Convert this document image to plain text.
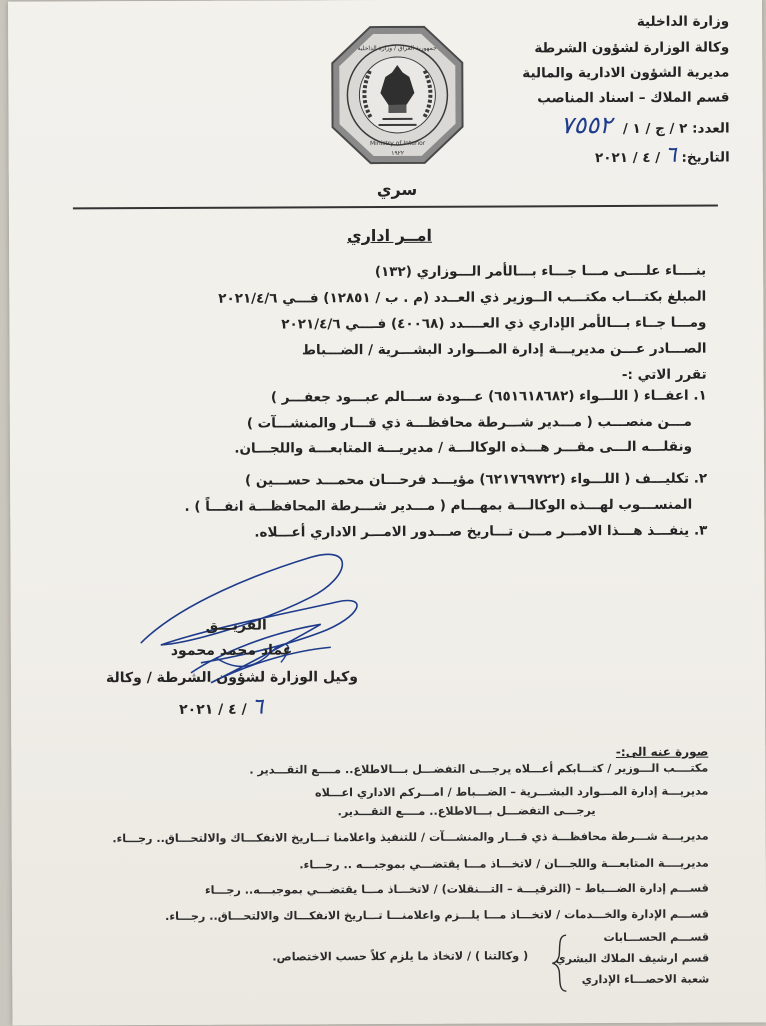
وزارة الداخلية
وكالة الوزارة لشؤون الشرطة
مديرية الشؤون الادارية والمالية
قسم الملاك – اسناد المناصب
العدد: ٢ / ج / ١ / ٧٥٥٢
التاريخ: ٦ / ٤ / ٢٠٢١
جمهورية العراق / وزارة الداخلية
Ministry of Interior
١٩٢٢
سري
امــر اداري
بنــــاء علــــى مـــا جـــاء بـــالأمر الـــوزاري (١٣٢)
المبلغ بكتـــاب مكتـــب الــوزير ذي العــدد (م . ب / ١٢٨٥١) فـــي ٢٠٢١/٤/٦
ومـــا جــاء بـــالأمر الإداري ذي العــــدد (٤٠٠٦٨) فــــي ٢٠٢١/٤/٦
الصـــادر عـــن مديريـــة إدارة المـــوارد البشـــرية / الضـــباط
تقرر الاتي :-
١. اعفــاء ( اللـــواء (٦٥١٦١٨٦٨٢) عـــودة ســـالم عبـــود جعفـــر )
مـــن منصـــب ( مـــدير شـــرطة محافظـــة ذي قـــار والمنشـــآت )
ونقلـــه الـــى مقـــر هـــذه الوكالـــة / مديريـــة المتابعـــة واللجـــان.
٢. تكليـــف ( اللـــواء (٦٢١٧٦٩٧٢٢) مؤيـــد فرحـــان محمـــد حســـين )
المنســـوب لهـــذه الوكالـــة بمهـــام ( مـــدير شـــرطة المحافظـــة انفـــاً ) .
٣. ينفـــذ هـــذا الامـــر مـــن تـــاريخ صـــدور الامـــر الاداري أعـــلاه.
الفريـــق
عماد محمد محمود
وكيل الوزارة لشؤون الشرطة / وكالة
٦ / ٤ / ٢٠٢١
صورة عنه الى:-
مكتــــب الـــوزير / كتـــابكم أعـــلاه يرجـــى التفضـــل بـــالاطلاع.. مــــع التقـــدير .
مديريـــة إدارة المـــوارد البشـــرية – الضـــباط / امـــركم الاداري اعـــلاه
يرجـــى التفضـــل بـــالاطلاع.. مــــع التقـــدير.
مديريـــة شـــرطة محافظـــة ذي قـــار والمنشـــآت / للتنفيذ واعلامنا تـــاريخ الانفكـــاك والالتحـــاق.. رجـــاء.
مديريــــة المتابعـــة واللجـــان / لاتخـــاذ مـــا يقتضـــي بموجبـــه .. رجـــاء.
قســـم إدارة الضـــباط – (الترقيـــة – التـــنقلات) / لاتخـــاذ مـــا يقتضـــي بموجبـــه.. رجـــاء
قســـم الإدارة والخـــدمات / لاتخـــاذ مـــا يلـــزم واعلامنـــا تـــاريخ الانفكـــاك والالتحـــاق.. رجـــاء.
قســـم الحســـابات
قسم ارشيف الملاك البشري
شعبة الاحصـــاء الإداري
( وكالتنا ) / لاتخاذ ما يلزم كلاً حسب الاختصاص.
